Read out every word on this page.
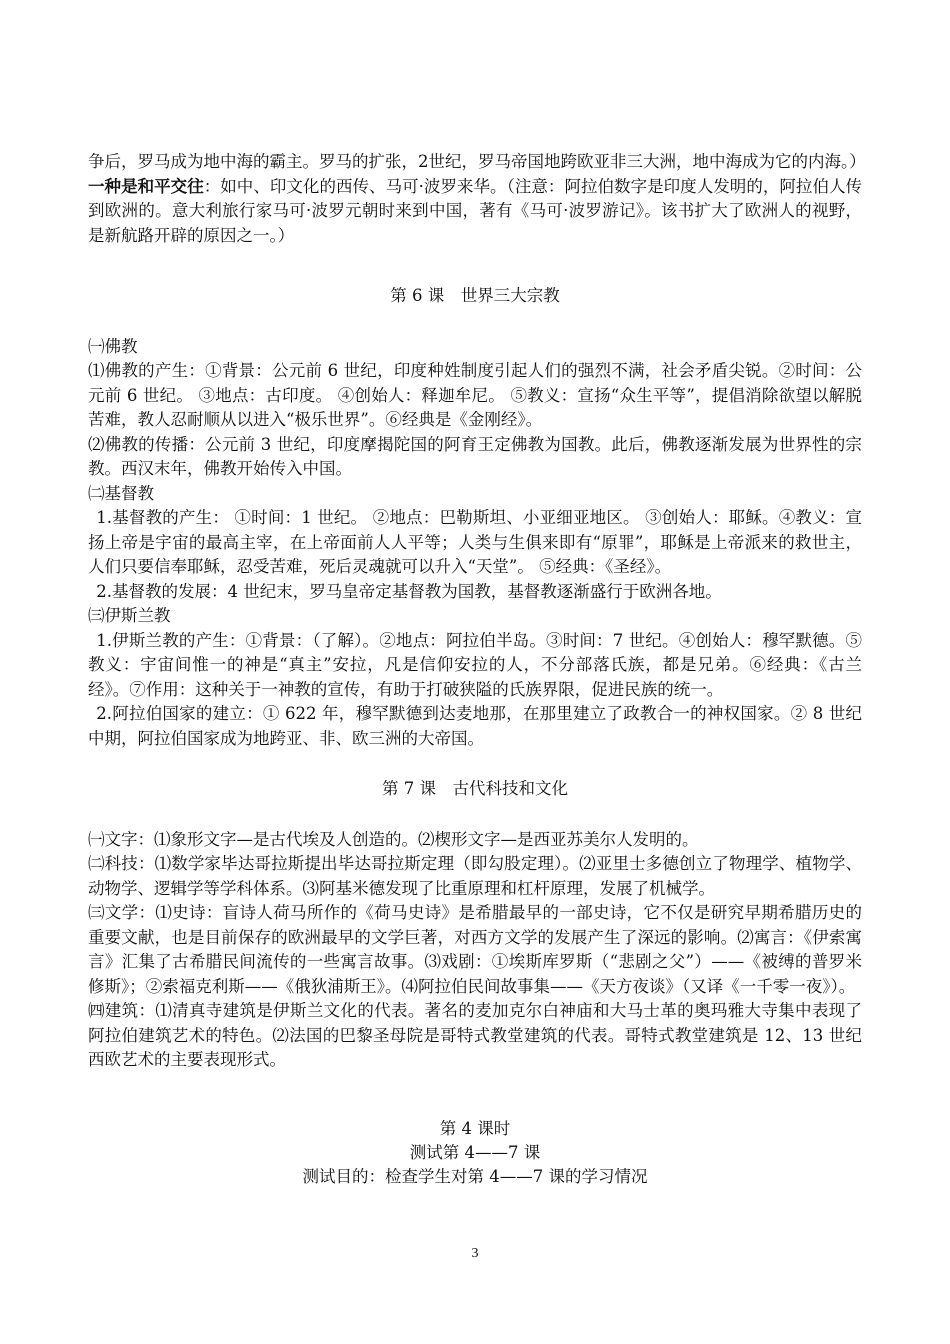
争后，罗马成为地中海的霸主。罗马的扩张，2世纪，罗马帝国地跨欧亚非三大洲，地中海成为它的内海。）一种是和平交往：如中、印文化的西传、马可·波罗来华。（注意：阿拉伯数字是印度人发明的，阿拉伯人传到欧洲的。意大利旅行家马可·波罗元朝时来到中国，著有《马可·波罗游记》。该书扩大了欧洲人的视野，是新航路开辟的原因之一。）

第 6 课　世界三大宗教

㈠佛教

⑴佛教的产生：①背景：公元前 6 世纪，印度种姓制度引起人们的强烈不满，社会矛盾尖锐。②时间：公元前 6 世纪。 ③地点：古印度。 ④创始人：释迦牟尼。 ⑤教义：宣扬“众生平等”，提倡消除欲望以解脱苦难，教人忍耐顺从以进入“极乐世界”。⑥经典是《金刚经》。

⑵佛教的传播：公元前 3 世纪，印度摩揭陀国的阿育王定佛教为国教。此后，佛教逐渐发展为世界性的宗教。西汉末年，佛教开始传入中国。

㈡基督教

1.基督教的产生： ①时间：1 世纪。 ②地点：巴勒斯坦、小亚细亚地区。 ③创始人：耶稣。④教义：宣扬上帝是宇宙的最高主宰，在上帝面前人人平等；人类与生俱来即有“原罪”，耶稣是上帝派来的救世主，人们只要信奉耶稣，忍受苦难，死后灵魂就可以升入“天堂”。 ⑤经典：《圣经》。

2.基督教的发展：4 世纪末，罗马皇帝定基督教为国教，基督教逐渐盛行于欧洲各地。

㈢伊斯兰教

1.伊斯兰教的产生：①背景：（了解）。②地点：阿拉伯半岛。③时间：7 世纪。④创始人：穆罕默德。⑤教义：宇宙间惟一的神是“真主”安拉，凡是信仰安拉的人，不分部落氏族，都是兄弟。⑥经典：《古兰经》。⑦作用：这种关于一神教的宣传，有助于打破狭隘的氏族界限，促进民族的统一。

2.阿拉伯国家的建立：① 622 年，穆罕默德到达麦地那，在那里建立了政教合一的神权国家。② 8 世纪中期，阿拉伯国家成为地跨亚、非、欧三洲的大帝国。

第 7 课　古代科技和文化

㈠文字：⑴象形文字—是古代埃及人创造的。⑵楔形文字—是西亚苏美尔人发明的。

㈡科技：⑴数学家毕达哥拉斯提出毕达哥拉斯定理（即勾股定理）。⑵亚里士多德创立了物理学、植物学、动物学、逻辑学等学科体系。⑶阿基米德发现了比重原理和杠杆原理，发展了机械学。

㈢文学：⑴史诗：盲诗人荷马所作的《荷马史诗》是希腊最早的一部史诗，它不仅是研究早期希腊历史的重要文献，也是目前保存的欧洲最早的文学巨著，对西方文学的发展产生了深远的影响。⑵寓言：《伊索寓言》汇集了古希腊民间流传的一些寓言故事。⑶戏剧：①埃斯库罗斯（“悲剧之父”）——《被缚的普罗米修斯》；②索福克利斯——《俄狄浦斯王》。⑷阿拉伯民间故事集——《天方夜谈》（又译《一千零一夜》）。

㈣建筑：⑴清真寺建筑是伊斯兰文化的代表。著名的麦加克尔白神庙和大马士革的奥玛雅大寺集中表现了阿拉伯建筑艺术的特色。⑵法国的巴黎圣母院是哥特式教堂建筑的代表。哥特式教堂建筑是 12、13 世纪西欧艺术的主要表现形式。

第 4 课时
测试第 4——7 课
测试目的：检查学生对第 4——7 课的学习情况
3
